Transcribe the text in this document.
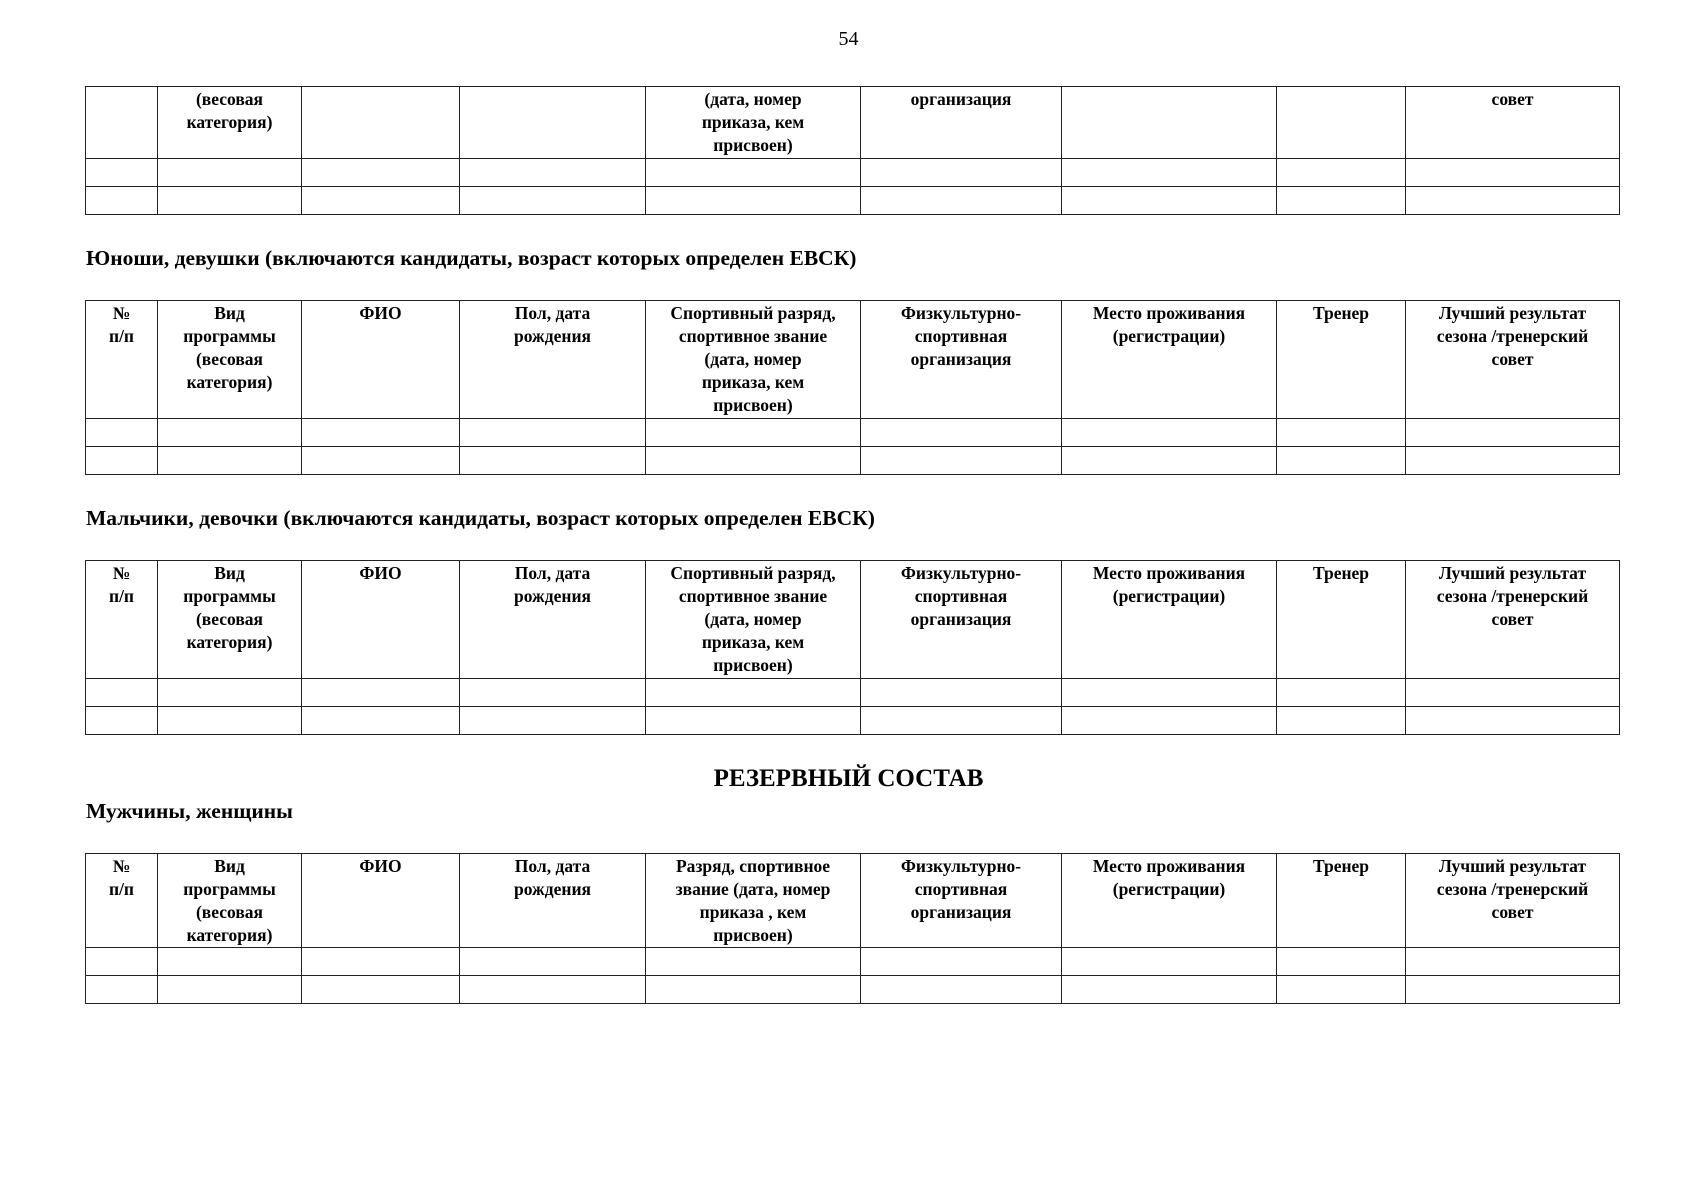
54
	(весовая
категория)			(дата, номер
приказа, кем
присвоен)	организация			совет

Юноши, девушки (включаются кандидаты, возраст которых определен ЕВСК)
№
п/п	Вид
программы
(весовая
категория)	ФИО	Пол, дата
рождения	Спортивный разряд,
спортивное звание
(дата, номер
приказа, кем
присвоен)	Физкультурно-
спортивная
организация	Место проживания
(регистрации)	Тренер	Лучший результат
сезона /тренерский
совет

Мальчики, девочки (включаются кандидаты, возраст которых определен ЕВСК)
№
п/п	Вид
программы
(весовая
категория)	ФИО	Пол, дата
рождения	Спортивный разряд,
спортивное звание
(дата, номер
приказа, кем
присвоен)	Физкультурно-
спортивная
организация	Место проживания
(регистрации)	Тренер	Лучший результат
сезона /тренерский
совет

РЕЗЕРВНЫЙ СОСТАВ
Мужчины, женщины
№
п/п	Вид
программы
(весовая
категория)	ФИО	Пол, дата
рождения	Разряд, спортивное
звание (дата, номер
приказа , кем
присвоен)	Физкультурно-
спортивная
организация	Место проживания
(регистрации)	Тренер	Лучший результат
сезона /тренерский
совет
